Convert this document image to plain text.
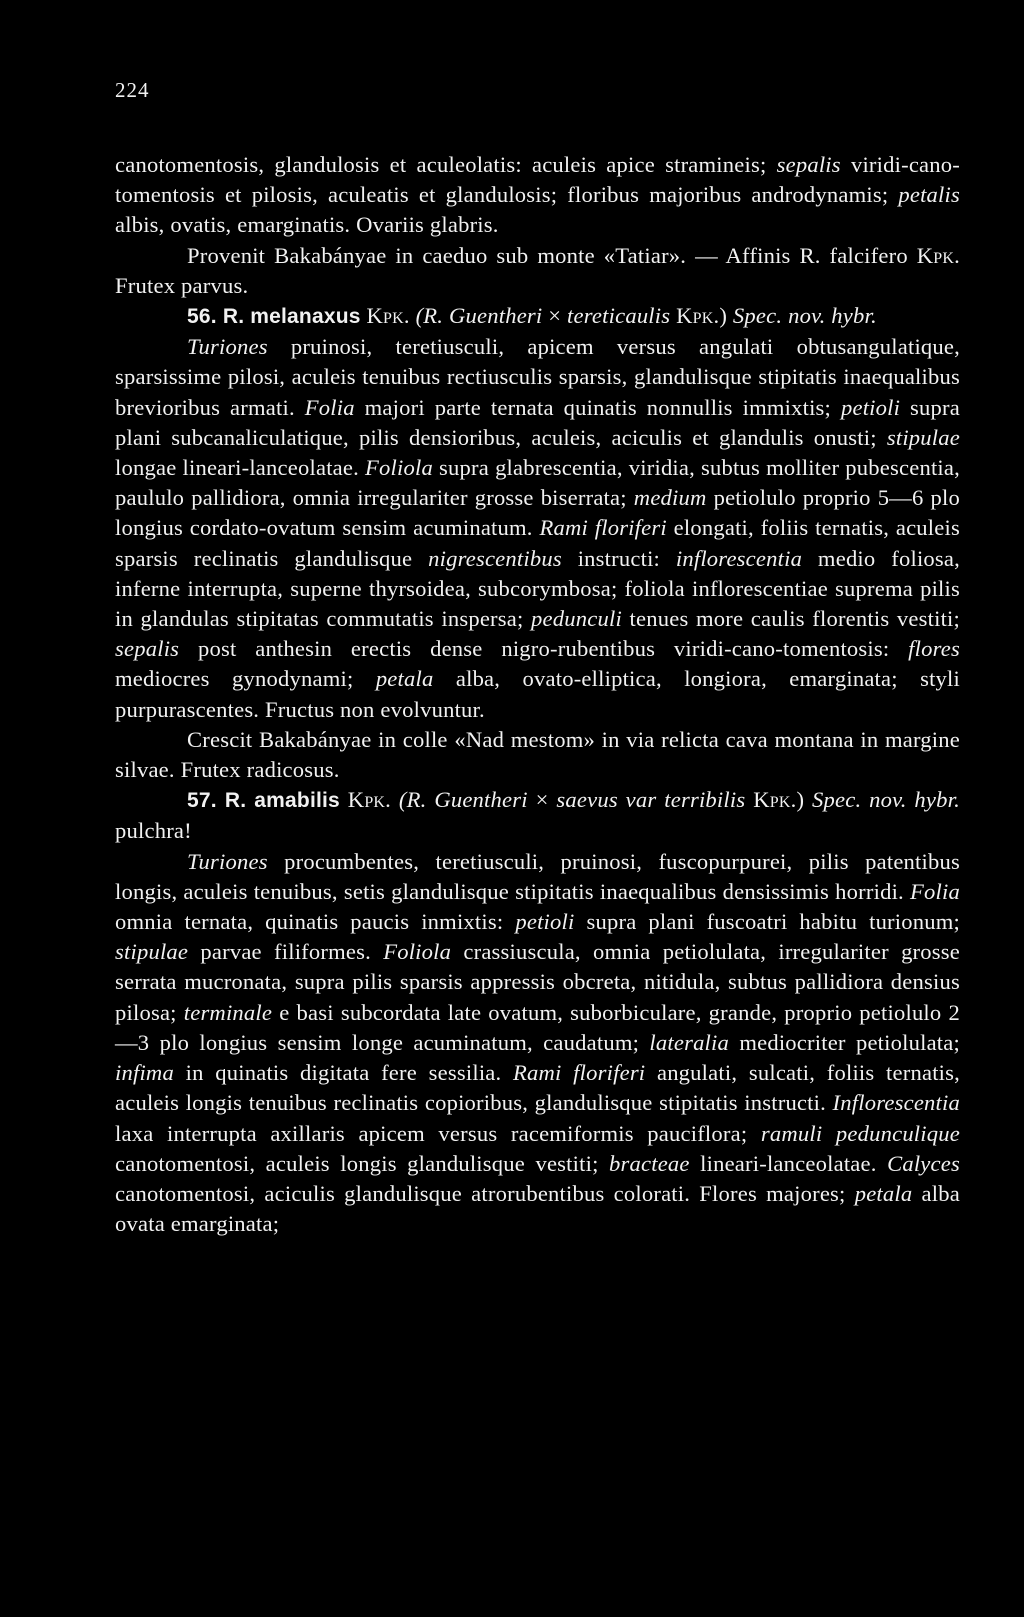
224

canotomentosis, glandulosis et aculeolatis: aculeis apice stramineis; sepalis viridi-cano-tomentosis et pilosis, aculeatis et glandulosis; floribus majoribus androdynamis; petalis albis, ovatis, emarginatis. Ovariis glabris.

Provenit Bakabányae in caeduo sub monte «Tatiar». — Affinis R. falcifero Kpk. Frutex parvus.

56. R. melanaxus Kpk. (R. Guentheri × tereticaulis Kpk.) Spec. nov. hybr.

Turiones pruinosi, teretiusculi, apicem versus angulati obtusangulatique, sparsissime pilosi, aculeis tenuibus rectiusculis sparsis, glandulisque stipitatis inaequalibus brevioribus armati. Folia majori parte ternata quinatis nonnullis immixtis; petioli supra plani subcanaliculatique, pilis densioribus, aculeis, aciculis et glandulis onusti; stipulae longae lineari-lanceolatae. Foliola supra glabrescentia, viridia, subtus molliter pubescentia, paululo pallidiora, omnia irregulariter grosse biserrata; medium petiolulo proprio 5—6 plo longius cordato-ovatum sensim acuminatum. Rami floriferi elongati, foliis ternatis, aculeis sparsis reclinatis glandulisque nigrescentibus instructi: inflorescentia medio foliosa, inferne interrupta, superne thyrsoidea, subcorymbosa; foliola inflorescentiae suprema pilis in glandulas stipitatas commutatis inspersa; pedunculi tenues more caulis florentis vestiti; sepalis post anthesin erectis dense nigro-rubentibus viridi-cano-tomentosis: flores mediocres gynodynami; petala alba, ovato-elliptica, longiora, emarginata; styli purpurascentes. Fructus non evolvuntur.

Crescit Bakabányae in colle «Nad mestom» in via relicta cava montana in margine silvae. Frutex radicosus.

57. R. amabilis Kpk. (R. Guentheri × saevus var terribilis Kpk.) Spec. nov. hybr. pulchra!

Turiones procumbentes, teretiusculi, pruinosi, fuscopurpurei, pilis patentibus longis, aculeis tenuibus, setis glandulisque stipitatis inaequalibus densissimis horridi. Folia omnia ternata, quinatis paucis inmixtis: petioli supra plani fuscoatri habitu turionum; stipulae parvae filiformes. Foliola crassiuscula, omnia petiolulata, irregulariter grosse serrata mucronata, supra pilis sparsis appressis obcreta, nitidula, subtus pallidiora densius pilosa; terminale e basi subcordata late ovatum, suborbiculare, grande, proprio petiolulo 2—3 plo longius sensim longe acuminatum, caudatum; lateralia mediocriter petiolulata; infima in quinatis digitata fere sessilia. Rami floriferi angulati, sulcati, foliis ternatis, aculeis longis tenuibus reclinatis copioribus, glandulisque stipitatis instructi. Inflorescentia laxa interrupta axillaris apicem versus racemiformis pauciflora; ramuli pedunculique canotomentosi, aculeis longis glandulisque vestiti; bracteae lineari-lanceolatae. Calyces canotomentosi, aciculis glandulisque atrorubentibus colorati. Flores majores; petala alba ovata emarginata;
